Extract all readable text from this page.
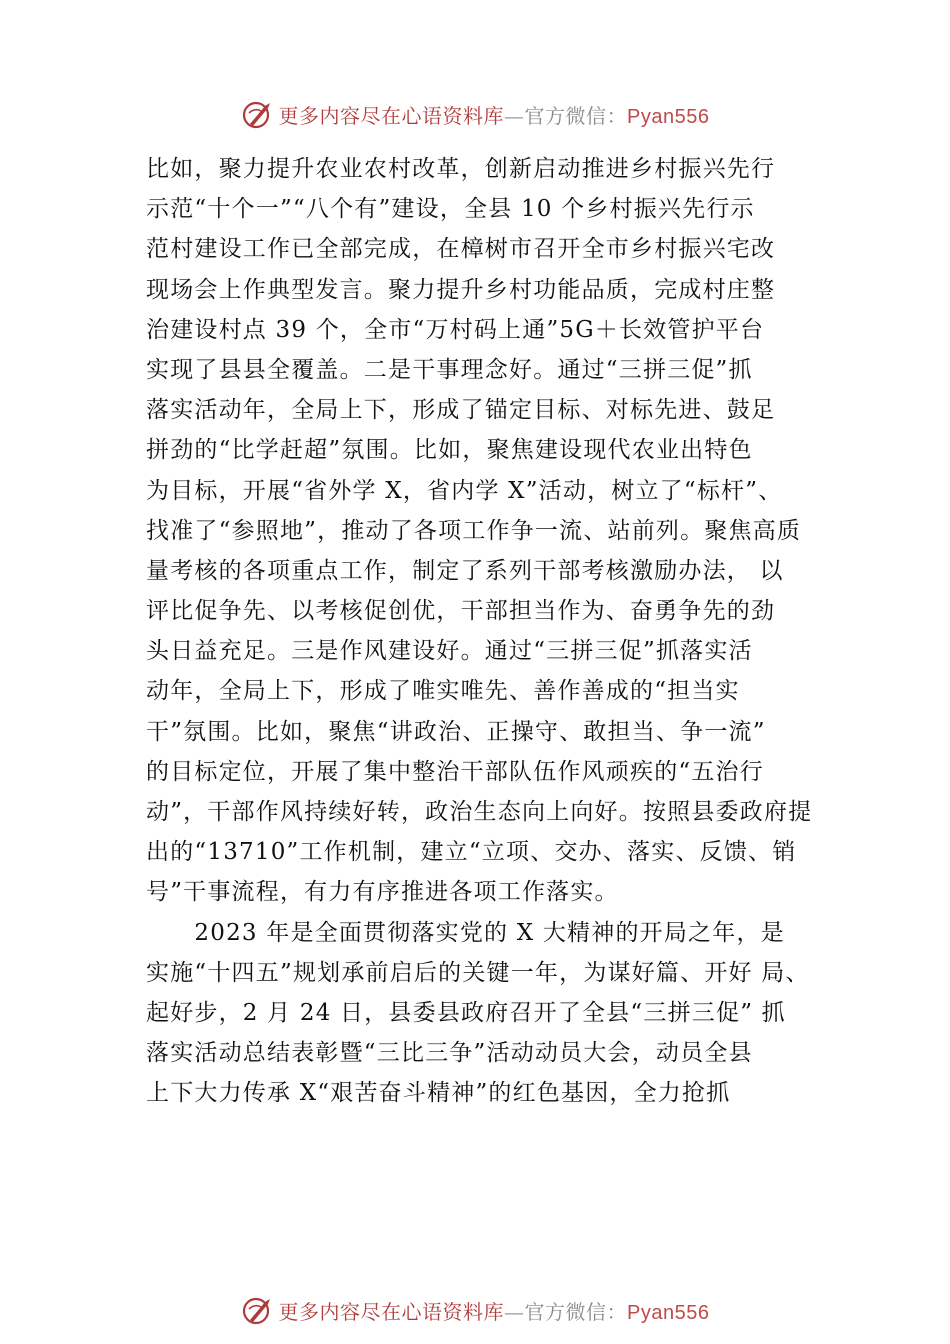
更多内容尽在心语资料库—官方微信：Pyan556
比如，聚力提升农业农村改革，创新启动推进乡村振兴先行
示范“十个一”“八个有”建设，全县 10 个乡村振兴先行示
范村建设工作已全部完成，在樟树市召开全市乡村振兴宅改
现场会上作典型发言。聚力提升乡村功能品质，完成村庄整
治建设村点 39 个，全市“万村码上通”5G＋长效管护平台
实现了县县全覆盖。二是干事理念好。通过“三拼三促”抓
落实活动年，全局上下，形成了锚定目标、对标先进、鼓足
拼劲的“比学赶超”氛围。比如，聚焦建设现代农业出特色
为目标，开展“省外学 X，省内学 X”活动，树立了“标杆”、
找准了“参照地”，推动了各项工作争一流、站前列。聚焦高质
量考核的各项重点工作，制定了系列干部考核激励办法， 以
评比促争先、以考核促创优，干部担当作为、奋勇争先的劲
头日益充足。三是作风建设好。通过“三拼三促”抓落实活
动年，全局上下，形成了唯实唯先、善作善成的“担当实
干”氛围。比如，聚焦“讲政治、正操守、敢担当、争一流”
的目标定位，开展了集中整治干部队伍作风顽疾的“五治行
动”，干部作风持续好转，政治生态向上向好。按照县委政府提
出的“13710”工作机制，建立“立项、交办、落实、反馈、销
号”干事流程，有力有序推进各项工作落实。
　　2023 年是全面贯彻落实党的 X 大精神的开局之年，是
实施“十四五”规划承前启后的关键一年，为谋好篇、开好 局、
起好步，2 月 24 日，县委县政府召开了全县“三拼三促” 抓
落实活动总结表彰暨“三比三争”活动动员大会，动员全县
上下大力传承 X“艰苦奋斗精神”的红色基因，全力抢抓
更多内容尽在心语资料库—官方微信：Pyan556
